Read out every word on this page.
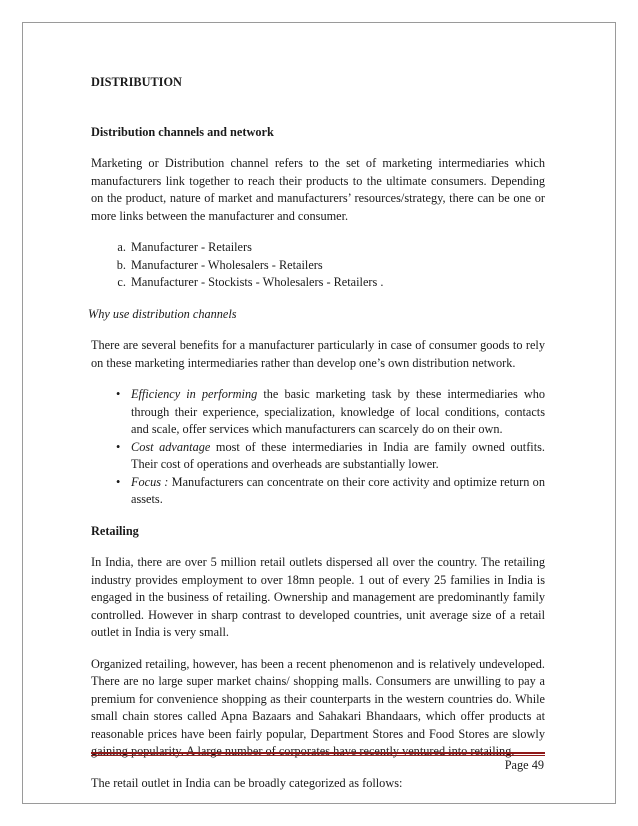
DISTRIBUTION

Distribution channels and network

Marketing or Distribution channel refers to the set of marketing intermediaries which manufacturers link together to reach their products to the ultimate consumers. Depending on the product, nature of market and manufacturers’ resources/strategy, there can be one or more links between the manufacturer and consumer.

a. Manufacturer - Retailers
b. Manufacturer - Wholesalers - Retailers
c. Manufacturer - Stockists - Wholesalers - Retailers .

Why use distribution channels

There are several benefits for a manufacturer particularly in case of consumer goods to rely on these marketing intermediaries rather than develop one’s own distribution network.

• Efficiency in performing the basic marketing task by these intermediaries who through their experience, specialization, knowledge of local conditions, contacts and scale, offer services which manufacturers can scarcely do on their own.
• Cost advantage most of these intermediaries in India are family owned outfits. Their cost of operations and overheads are substantially lower.
• Focus : Manufacturers can concentrate on their core activity and optimize return on assets.

Retailing

In India, there are over 5 million retail outlets dispersed all over the country. The retailing industry provides employment to over 18mn people. 1 out of every 25 families in India is engaged in the business of retailing. Ownership and management are predominantly family controlled. However in sharp contrast to developed countries, unit average size of a retail outlet in India is very small.

Organized retailing, however, has been a recent phenomenon and is relatively undeveloped. There are no large super market chains/ shopping malls. Consumers are unwilling to pay a premium for convenience shopping as their counterparts in the western countries do. While small chain stores called Apna Bazaars and Sahakari Bhandaars, which offer products at reasonable prices have been fairly popular, Department Stores and Food Stores are slowly gaining popularity. A large number of corporates have recently ventured into retailing.

The retail outlet in India can be broadly categorized as follows:

Page 49
